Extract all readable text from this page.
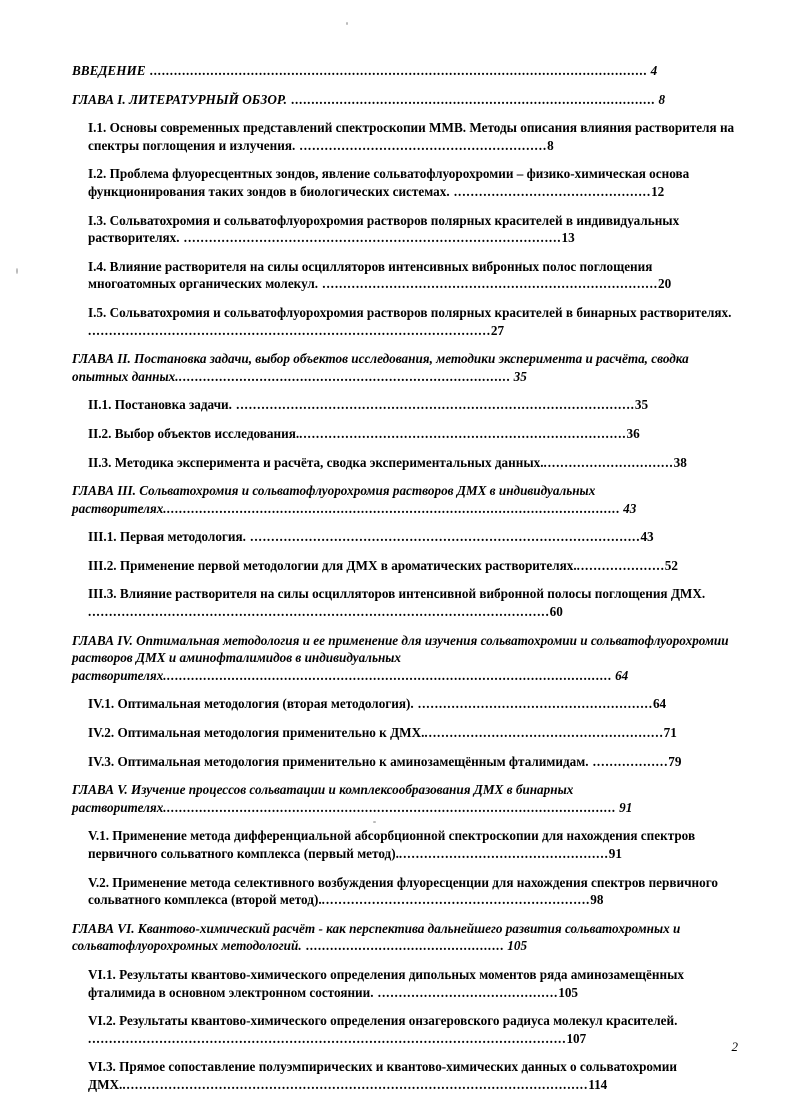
ВВЕДЕНИЕ ........................................................................................................................... 4
ГЛАВА I. ЛИТЕРАТУРНЫЙ ОБЗОР. .......................................................................................... 8
I.1. Основы современных представлений спектроскопии ММВ. Методы описания влияния растворителя на спектры поглощения и излучения. ...........................................................8
I.2. Проблема флуоресцентных зондов, явление сольватофлуорохромии – физико-химическая основа функционирования таких зондов в биологических системах. ...............................................12
I.3. Сольватохромия и сольватофлуорохромия растворов полярных красителей в индивидуальных растворителях. ..........................................................................................13
I.4. Влияние растворителя на силы осцилляторов интенсивных вибронных полос поглощения многоатомных органических молекул. ................................................................................20
I.5. Сольватохромия и сольватофлуорохромия растворов полярных красителей в бинарных растворителях. ................................................................................................27
ГЛАВА II. Постановка задачи, выбор объектов исследования, методики эксперимента и расчёта, сводка опытных данных................................................................................... 35
II.1. Постановка задачи. ...............................................................................................35
II.2. Выбор объектов исследования...............................................................................36
II.3. Методика эксперимента и расчёта, сводка экспериментальных данных................................38
ГЛАВА III. Сольватохромия и сольватофлуорохромия растворов ДМХ в индивидуальных растворителях................................................................................................................. 43
III.1. Первая методология. .............................................................................................43
III.2. Применение первой методологии для ДМХ в ароматических растворителях......................52
III.3. Влияние растворителя на силы осцилляторов интенсивной вибронной полосы поглощения ДМХ. ..............................................................................................................60
ГЛАВА IV. Оптимальная методология и ее применение для изучения сольватохромии и сольватофлуорохромии растворов ДМХ и аминофталимидов в индивидуальных растворителях............................................................................................................... 64
IV.1. Оптимальная методология (вторая методология). ........................................................64
IV.2. Оптимальная методология применительно к ДМХ..........................................................71
IV.3. Оптимальная методология применительно к аминозамещённым фталимидам. ..................79
ГЛАВА V. Изучение процессов сольватации и комплексообразования ДМХ в бинарных растворителях................................................................................................................ 91
V.1. Применение метода дифференциальной абсорбционной спектроскопии для нахождения спектров первичного сольватного комплекса (первый метод)...................................................91
V.2. Применение метода селективного возбуждения флуоресценции для нахождения спектров первичного сольватного комплекса (второй метод).................................................................98
ГЛАВА VI. Квантово-химический расчёт - как перспектива дальнейшего развития сольватохромных и сольватофлуорохромных методологий. ................................................. 105
VI.1. Результаты квантово-химического определения дипольных моментов ряда аминозамещённых фталимида в основном электронном состоянии. ...........................................105
VI.2. Результаты квантово-химического определения онзагеровского радиуса молекул красителей. ..................................................................................................................107
VI.3. Прямое сопоставление полуэмпирических и квантово-химических данных о сольватохромии ДМХ................................................................................................................114
2
